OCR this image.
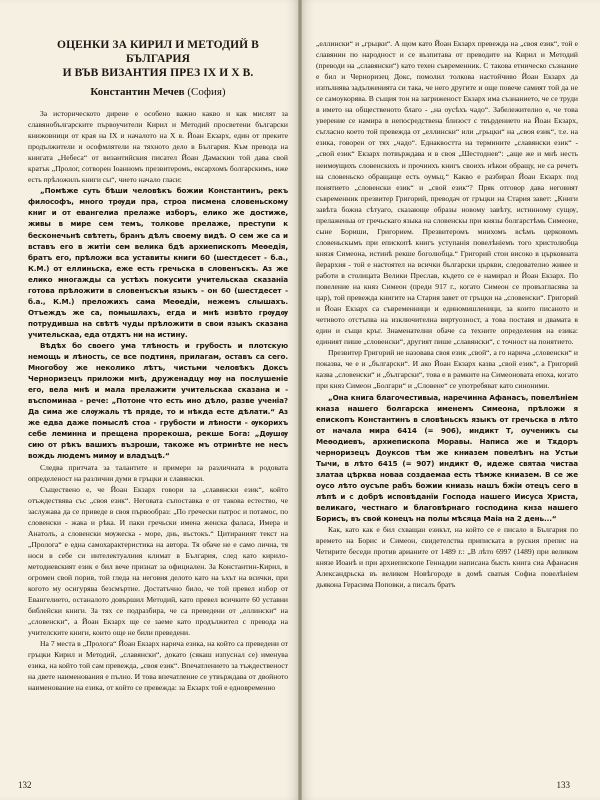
ОЦЕНКИ ЗА КИРИЛ И МЕТОДИЙ В БЪЛГАРИЯ
И ВЪВ ВИЗАНТИЯ ПРЕЗ IX И X В.
Константин Мечев (София)

За историческото дирене е особено важно какво и как мислят за славянобългарските първоучители Кирил и Методий просветени български книжовници от края на IX и началото на X в. Йоан Екзарх, един от преките продължители и ософмлятели на тяхното дело в България. Към превода на книгата „Небеса“ от византийския писател Йоан Дамаскин той дава свой кратък „Пролог, сотворен Іоанномъ презвитеромъ, ексархомъ болгарскимъ, иже есть прѣложилъ книги сы“, чието начало гласи:

„Помѣже суть бѣши человѣкъ божии Константинъ, рекъ философъ, много трѹди пра, строа писмена словеньскому книг и от евангелиа прелаже изборъ, елико же достиже, живы в мире сем темъ, толкове прелаже, преступи к бесконечьнѣ свѣтеть, бранъ дѣлъ своему видѣ. О сем же са и вставъ его в житіи сем велика бдѣ архиепископъ Меѳедія, братъ его, прѣложи вса уставиты книги 60 (шестдесет - б.а., К.М.) от еллиньска, еже есть гречьска в словенъскъ. Аз же елико многажды са устѣхъ покусити учительскаа сказанїа готова прѣложити в словенъскъи языкъ - он 60 (шестдесет - б.а., К.М.) преложихъ сама Меѳедіи, нежемъ слышахъ. Отъеждъ же са, помышлахъ, егда и мнѣ извѣто грѹдѹ потрудивша на свѣтѣ чуды прѣложити в свои языкъ сказана учительскаа, еда отдѫтъ ни на истину.

Вѣдѣх бо своего ума тлѣность и грубость и плотскую немощь и лѣность, се все подтиня, прилагам, оставъ са сего. Многобоу же неколико лѣтъ, чистьми человѣкъ Доксъ Черноризецъ приложи мнѣ, друженадцу мѹ на послушеніе его, вела мнѣ и мала прелажити учительскаа сказана и - въспоминаа - рече: „Потоне что есть ино дѣло, разве ученіа? Да сима же слѹжаль тѣ пряде, то и нѣкда есте дѣлати.“ Аз же едва даже помыслѣ стоа - грубости и лѣности - ѹкорихъ себе леминна и прещена прорекоша, рекше Бога: „Дѹшѹ сию от рѣкъ вашихъ възроши, такоже мъ отринѣте не несъ вождь людемъ мимѹ и владъцѣ.“

Следва притчата за талантите и примери за различната в родовата определеност на различни думи в гръцки и славянски.

Съществено е, че Йоан Екзарх говори за „славянски език“, който отъждествява със „своя език“. Неговата съпоставка е от такова естество, че заслужава да се приведе в своя първообраз: „По гречески патрос и потамос, по словенски - жака и рѣка. И паки гречьски имена женска фаласа, Имера и Анатолъ, а словенски мѹжеска - море, днь, въстокъ.“ Цитираният текст на „Пролога“ е една самохарактеристика на автора. Тя обаче не е само лична, тя носи в себе си интелектуалния климат в България, след като кирило-методиевският език е бил вече признат за официален. За Константин-Кирил, в огромен свой порив, той гледа на неговия делото като на ъхът на всички, при когото му осигурява безсмъртие. Достатъчно било, че той превел избор от Евангелието, останалото довършил Методий, като превел всичките 60 уставни библейски книги. За тях се подразбира, че са преведени от „еллински“ на „словенски“, а Йоан Екзарх ще се заеме като продължител с превода на учителските книги, които още не били преведени.

На 7 места в „Пролога“ Йоан Екзарх нарича езика, на който са преведени от гръцки Кирил и Методий, „славянски“, докато (сякаш изпуснал се) именува езика, на който той сам превежда, „своя език“. Впечатлението за тъждественост на двете наименования е пълно. И това впечатление се утвърждава от двойното наименование на езика, от който се превежда: за Екзарх той е едновременно

132

„еллински“ и „грьцки“. А щом като Йоан Екзарх превежда на „своя език“, той е славянин по народност и се възпитава от преводите на Кирил и Методий (преводи на „славянски“) като техен съвременник. С такова етническо съзнание е бил и Черноризец Докс, помолил толкова настойчиво Йоан Екзарх да изпълнява задълженията си така, че него другите и още повече самият той да не се самоукорява. В същия тон на загриженост Екзарх има съзнанието, че се труди в името на общественото благо - „на оусѣхъ чадо“. Забележително е, че това уверение се намира в непосредствена близост с твърдението на Йоан Екзарх, съгласно което той превежда от „еллински“ или „грьцки“ на „своя език“, т.е. на езика, говорен от тях „чадо“. Еднаквостта на термините „славянски език“ - „свой език“ Екзарх потвърждава и в своя „Шестоднев“: „аще же и мнѣ несть неимѹщихъ словенскихъ и прочиихъ книгъ своихъ нѣкои обращу, не са речетъ на словеньско обращаще есть оумьц.“ Какво е разбирал Йоан Екзарх под понятието „словенски език“ и „свой език“? Пряк отговор дава неговият съвременник презвитер Григорий, преводач от гръцки на Стария завет: „Книги завѣта божиа сѣтуаго, сказающе образы новому завѣту, истинному сущѹ, прелаженыа от гречьскаго языка на словенскы при князы болгарстѣмь Симеоне, сыне Бориши, Григорием. Презвитеромъ мнихомъ всѣмъ церковомъ словеньскымъ при епископѣ книгъ уступанія повелѣніемъ того христолюбца князя Симеона, истинѣ рекше боголюбца.“ Григорий стои високо в църковната йерархия - той е настоятел на всички български църкви, следователно живее и работи в столицата Велики Преслав, където се е намирал и Йоан Екзарх. По повеление на княз Симеон (преди 917 г., когато Симеон се провъзгласява за цар), той превежда книгите на Стария завет от гръцки на „словенски“. Григорий и Йоан Екзарх са съвременници и единомишленици, за които писаното и четивото отстъпва на изключителна виртуозност, а това поставя и двамата в един и същи кръг. Знаменателни обаче са техните определения на езика: единият пише „словенски“, другият пише „славянски“, с точност на понятието.

Презвитер Григорий не назовава своя език „свой“, а го нарича „словенски“ и показва, че е и „български“. И ако Йоан Екзарх казва „свой език“, а Григорий казва „словенски“ и „български“, това е в рамките на Симеоновата епоха, когато при княз Симеон „Болгари“ и „Словене“ се употребяват като синоними.

„Она книга благочестивыа, наречинна Афанасъ, повелѣніем кназа нашего болгарска именемъ Симеона, прѣложи я епископъ Константинъ в словѣньскъ языкъ от гречьска в лѣто от начала мира 6414 (= 906), индикт Т, оученикъ сы Меѳодиевъ, архиепископа Моравы. Написа же и Тѫдоръ черноризецъ Доуксов тѣм же книазем повелѣнъ на Устьи Тычи, в лѣто 6415 (= 907) индикт Ѳ, идеже святаа чистаа златаа цѣрква новаа создаемаа есть тѣмже книазем. В се же оусо лѣто оусъпе рабъ божии книазь нашъ бжїи отецъ сего в лѣпѣ и с добрѣ исповѣданїи Господа нашего Иисуса Христа, великаго, честнаго и благовѣрнаго господина кнза нашего Борисъ, въ свой конецъ на полы мѣсяца Маіа на 2 день...“

Как, като как е бил схващан езикът, на който се е писало в България по времето на Борис и Симеон, свидетелства приписката в руския препис на Четирите беседи против арианите от 1489 г.: „В лѣто 6997 (1489) при великом князе Иоанѣ и при архиепископе Геннадии написана бысть книга сиа Афанасия Александрьска въ великом Новѣгороде в домѣ сватыя Софиа повелѣніем дьякона Герасима Поповки, а писалъ братъ

133
